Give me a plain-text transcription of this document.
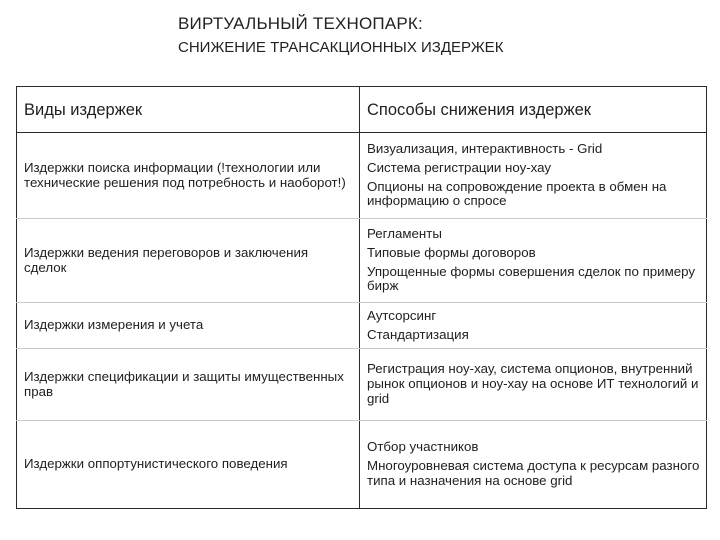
ВИРТУАЛЬНЫЙ ТЕХНОПАРК:
СНИЖЕНИЕ ТРАНСАКЦИОННЫХ ИЗДЕРЖЕК
Виды издержек	Способы снижения издержек
Издержки поиска информации (!технологии или технические решения под потребность и наоборот!)	Визуализация, интерактивность - Grid
Система регистрации ноу-хау
Опционы на сопровождение проекта в обмен на информацию о спросе

Издержки ведения переговоров и заключения сделок	Регламенты
Типовые формы договоров
Упрощенные формы совершения сделок по примеру бирж

Издержки измерения и учета	Аутсорсинг
Стандартизация

Издержки спецификации и защиты имущественных прав	Регистрация ноу-хау, система опционов, внутренний рынок опционов и ноу-хау на основе ИТ технологий и grid

Издержки оппортунистического поведения	Отбор участников
Многоуровневая система доступа к ресурсам разного типа и назначения на основе grid
